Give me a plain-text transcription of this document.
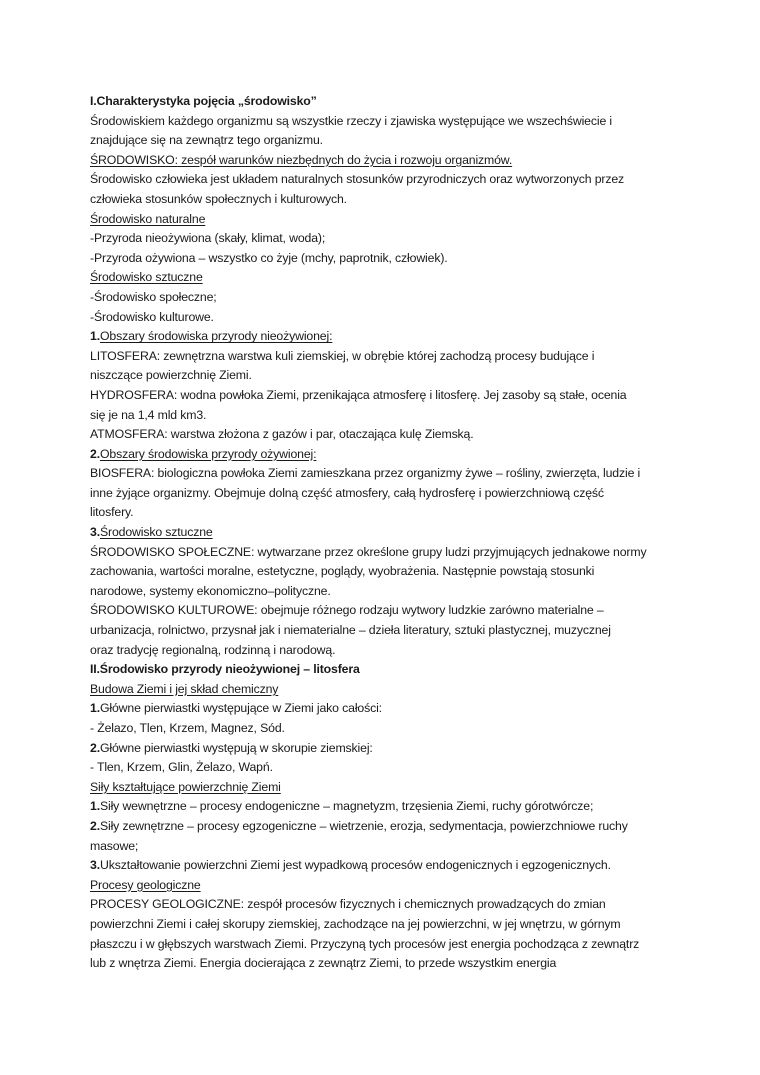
I.Charakterystyka pojęcia „środowisko”
Środowiskiem każdego organizmu są wszystkie rzeczy i zjawiska występujące we wszechświecie i
znajdujące się na zewnątrz tego organizmu.
ŚRODOWISKO: zespół warunków niezbędnych do życia i rozwoju organizmów.
Środowisko człowieka jest układem naturalnych stosunków przyrodniczych oraz wytworzonych przez
człowieka stosunków społecznych i kulturowych.
Środowisko naturalne
-Przyroda nieożywiona (skały, klimat, woda);
-Przyroda ożywiona – wszystko co żyje (mchy, paprotnik, człowiek).
Środowisko sztuczne
-Środowisko społeczne;
-Środowisko kulturowe.
1.Obszary środowiska przyrody nieożywionej:
LITOSFERA: zewnętrzna warstwa kuli ziemskiej, w obrębie której zachodzą procesy budujące i
niszczące powierzchnię Ziemi.
HYDROSFERA: wodna powłoka Ziemi, przenikająca atmosferę i litosferę. Jej zasoby są stałe, ocenia
się je na 1,4 mld km3.
ATMOSFERA: warstwa złożona z gazów i par, otaczająca kulę Ziemską.
2.Obszary środowiska przyrody ożywionej:
BIOSFERA: biologiczna powłoka Ziemi zamieszkana przez organizmy żywe – rośliny, zwierzęta, ludzie i
inne żyjące organizmy. Obejmuje dolną część atmosfery, całą hydrosferę i powierzchniową część
litosfery.
3.Środowisko sztuczne
ŚRODOWISKO SPOŁECZNE: wytwarzane przez określone grupy ludzi przyjmujących jednakowe normy
zachowania, wartości moralne, estetyczne, poglądy, wyobrażenia. Następnie powstają stosunki
narodowe, systemy ekonomiczno–polityczne.
ŚRODOWISKO KULTUROWE: obejmuje różnego rodzaju wytwory ludzkie zarówno materialne –
urbanizacja, rolnictwo, przysnał jak i niematerialne – dzieła literatury, sztuki plastycznej, muzycznej
oraz tradycję regionalną, rodzinną i narodową.
II.Środowisko przyrody nieożywionej – litosfera
Budowa Ziemi i jej skład chemiczny
1.Główne pierwiastki występujące w Ziemi jako całości:
- Żelazo, Tlen, Krzem, Magnez, Sód.
2.Główne pierwiastki występują w skorupie ziemskiej:
- Tlen, Krzem, Glin, Żelazo, Wapń.
Siły kształtujące powierzchnię Ziemi
1.Siły wewnętrzne – procesy endogeniczne – magnetyzm, trzęsienia Ziemi, ruchy górotwórcze;
2.Siły zewnętrzne – procesy egzogeniczne – wietrzenie, erozja, sedymentacja, powierzchniowe ruchy
masowe;
3.Ukształtowanie powierzchni Ziemi jest wypadkową procesów endogenicznych i egzogenicznych.
Procesy geologiczne
PROCESY GEOLOGICZNE: zespół procesów fizycznych i chemicznych prowadzących do zmian
powierzchni Ziemi i całej skorupy ziemskiej, zachodzące na jej powierzchni, w jej wnętrzu, w górnym
płaszczu i w głębszych warstwach Ziemi. Przyczyną tych procesów jest energia pochodząca z zewnątrz
lub z wnętrza Ziemi. Energia docierająca z zewnątrz Ziemi, to przede wszystkim energia
